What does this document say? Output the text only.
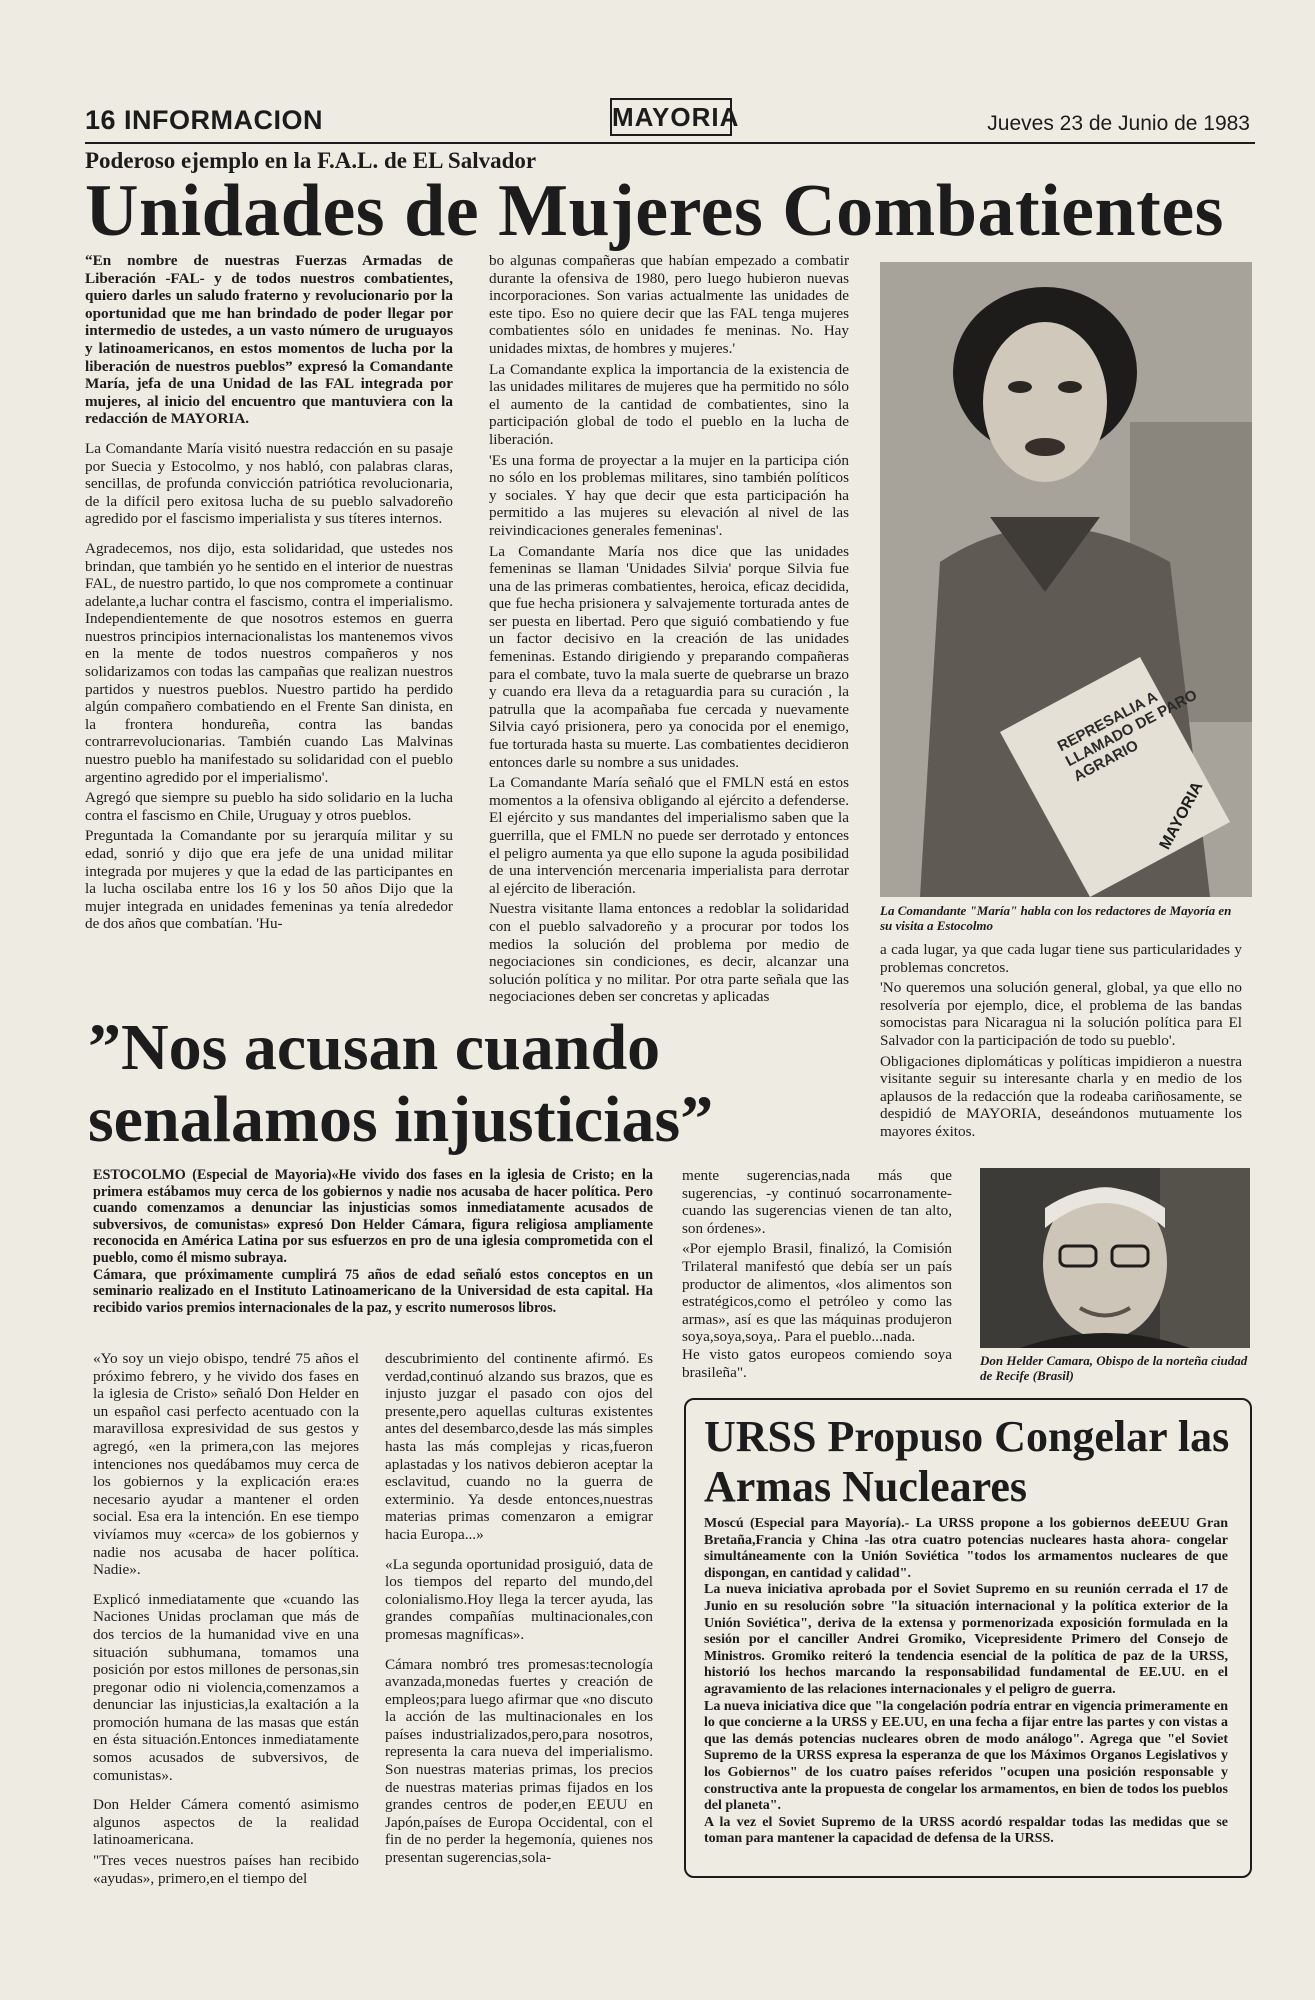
16 INFORMACION	MAYORIA	Jueves 23 de Junio de 1983
Poderoso ejemplo en la F.A.L. de EL Salvador
Unidades de Mujeres Combatientes

“En nombre de nuestras Fuerzas Armadas de Liberación -FAL- y de todos nuestros combatientes, quiero darles un saludo fraterno y revolucionario por la oportunidad que me han brindado de poder llegar por intermedio de ustedes, a un vasto número de uruguayos y latinoamericanos, en estos momentos de lucha por la liberación de nuestros pueblos” expresó la Comandante María, jefa de una Unidad de las FAL integrada por mujeres, al inicio del encuentro que mantuviera con la redacción de MAYORIA.

La Comandante María visitó nuestra redacción en su pasaje por Suecia y Estocolmo, y nos habló, con palabras claras, sencillas, de profunda convicción patriótica revolucionaria, de la difícil pero exitosa lucha de su pueblo salvadoreño agredido por el fascismo imperialista y sus títeres internos.

Agradecemos, nos dijo, esta solidaridad, que ustedes nos brindan, que también yo he sentido en el interior de nuestras FAL, de nuestro partido, lo que nos compromete a continuar adelante,a luchar contra el fascismo, contra el imperialismo. Independientemente de que nosotros estemos en guerra nuestros principios internacionalistas los mantenemos vivos en la mente de todos nuestros compañeros y nos solidarizamos con todas las campañas que realizan nuestros partidos y nuestros pueblos. Nuestro partido ha perdido algún compañero combatiendo en el Frente San dinista, en la frontera hondureña, contra las bandas contrarrevolucionarias. También cuando Las Malvinas nuestro pueblo ha manifestado su solidaridad con el pueblo argentino agredido por el imperialismo'.

Agregó que siempre su pueblo ha sido solidario en la lucha contra el fascismo en Chile, Uruguay y otros pueblos.

Preguntada la Comandante por su jerarquía militar y su edad, sonrió y dijo que era jefe de una unidad militar integrada por mujeres y que la edad de las participantes en la lucha oscilaba entre los 16 y los 50 años Dijo que la mujer integrada en unidades femeninas ya tenía alrededor de dos años que combatían. 'Hu-

bo algunas compañeras que habían empezado a combatir durante la ofensiva de 1980, pero luego hubieron nuevas incorporaciones. Son varias actualmente las unidades de este tipo. Eso no quiere decir que las FAL tenga mujeres combatientes sólo en unidades fe meninas. No. Hay unidades mixtas, de hombres y mujeres.'

La Comandante explica la importancia de la existencia de las unidades militares de mujeres que ha permitido no sólo el aumento de la cantidad de combatientes, sino la participación global de todo el pueblo en la lucha de liberación.

'Es una forma de proyectar a la mujer en la participa ción no sólo en los problemas militares, sino también políticos y sociales. Y hay que decir que esta participación ha permitido a las mujeres su elevación al nivel de las reivindicaciones generales femeninas'.

La Comandante María nos dice que las unidades femeninas se llaman 'Unidades Silvia' porque Silvia fue una de las primeras combatientes, heroica, eficaz decidida, que fue hecha prisionera y salvajemente torturada antes de ser puesta en libertad. Pero que siguió combatiendo y fue un factor decisivo en la creación de las unidades femeninas. Estando dirigiendo y preparando compañeras para el combate, tuvo la mala suerte de quebrarse un brazo y cuando era lleva da a retaguardia para su curación , la patrulla que la acompañaba fue cercada y nuevamente Silvia cayó prisionera, pero ya conocida por el enemigo, fue torturada hasta su muerte. Las combatientes decidieron entonces darle su nombre a sus unidades.

La Comandante María señaló que el FMLN está en estos momentos a la ofensiva obligando al ejército a defenderse. El ejército y sus mandantes del imperialismo saben que la guerrilla, que el FMLN no puede ser derrotado y entonces el peligro aumenta ya que ello supone la aguda posibilidad de una intervención mercenaria imperialista para derrotar al ejército de liberación.

Nuestra visitante llama entonces a redoblar la solidaridad con el pueblo salvadoreño y a procurar por todos los medios la solución del problema por medio de negociaciones sin condiciones, es decir, alcanzar una solución política y no militar. Por otra parte señala que las negociaciones deben ser concretas y aplicadas

REPRESALIA A LLAMADO DE PARO AGRARIO
MAYORIA
La Comandante "María" habla con los redactores de Mayoría en su visita a Estocolmo

a cada lugar, ya que cada lugar tiene sus particularidades y problemas concretos.

'No queremos una solución general, global, ya que ello no resolvería por ejemplo, dice, el problema de las bandas somocistas para Nicaragua ni la solución política para El Salvador con la participación de todo su pueblo'.

Obligaciones diplomáticas y políticas impidieron a nuestra visitante seguir su interesante charla y en medio de los aplausos de la redacción que la rodeaba cariñosamente, se despidió de MAYORIA, deseándonos mutuamente los mayores éxitos.

”Nos acusan cuando senalamos injusticias”

ESTOCOLMO (Especial de Mayoria)«He vivido dos fases en la iglesia de Cristo; en la primera estábamos muy cerca de los gobiernos y nadie nos acusaba de hacer política. Pero cuando comenzamos a denunciar las injusticias somos inmediatamente acusados de subversivos, de comunistas» expresó Don Helder Cámara, figura religiosa ampliamente reconocida en América Latina por sus esfuerzos en pro de una iglesia comprometida con el pueblo, como él mismo subraya.
Cámara, que próximamente cumplirá 75 años de edad señaló estos conceptos en un seminario realizado en el Instituto Latinoamericano de la Universidad de esta capital. Ha recibido varios premios internacionales de la paz, y escrito numerosos libros.

«Yo soy un viejo obispo, tendré 75 años el próximo febrero, y he vivido dos fases en la iglesia de Cristo» señaló Don Helder en un español casi perfecto acentuado con la maravillosa expresividad de sus gestos y agregó, «en la primera,con las mejores intenciones nos quedábamos muy cerca de los gobiernos y la explicación era:es necesario ayudar a mantener el orden social. Esa era la intención. En ese tiempo vivíamos muy «cerca» de los gobiernos y nadie nos acusaba de hacer política. Nadie».

Explicó inmediatamente que «cuando las Naciones Unidas proclaman que más de dos tercios de la humanidad vive en una situación subhumana, tomamos una posición por estos millones de personas,sin pregonar odio ni violencia,comenzamos a denunciar las injusticias,la exaltación a la promoción humana de las masas que están en ésta situación.Entonces inmediatamente somos acusados de subversivos, de comunistas».

Don Helder Cámera comentó asimismo algunos aspectos de la realidad latinoamericana.

"Tres veces nuestros países han recibido «ayudas», primero,en el tiempo del

descubrimiento del continente afirmó. Es verdad,continuó alzando sus brazos, que es injusto juzgar el pasado con ojos del presente,pero aquellas culturas existentes antes del desembarco,desde las más simples hasta las más complejas y ricas,fueron aplastadas y los nativos debieron aceptar la esclavitud, cuando no la guerra de exterminio. Ya desde entonces,nuestras materias primas comenzaron a emigrar hacia Europa...»

«La segunda oportunidad prosiguió, data de los tiempos del reparto del mundo,del colonialismo.Hoy llega la tercer ayuda, las grandes compañías multinacionales,con promesas magníficas».

Cámara nombró tres promesas:tecnología avanzada,monedas fuertes y creación de empleos;para luego afirmar que «no discuto la acción de las multinacionales en los países industrializados,pero,para nosotros, representa la cara nueva del imperialismo. Son nuestras materias primas, los precios de nuestras materias primas fijados en los grandes centros de poder,en EEUU en Japón,países de Europa Occidental, con el fin de no perder la hegemonía, quienes nos presentan sugerencias,sola-

mente sugerencias,nada más que sugerencias, -y continuó socarronamente- cuando las sugerencias vienen de tan alto, son órdenes».

«Por ejemplo Brasil, finalizó, la Comisión Trilateral manifestó que debía ser un país productor de alimentos, «los alimentos son estratégicos,como el petróleo y como las armas», así es que las máquinas produjeron soya,soya,soya,. Para el pueblo...nada.
He visto gatos europeos comiendo soya brasileña".

Don Helder Camara, Obispo de la norteña ciudad de Recife (Brasil)
URSS Propuso Congelar las Armas Nucleares

Moscú (Especial para Mayoría).- La URSS propone a los gobiernos deEEUU Gran Bretaña,Francia y China -las otra cuatro potencias nucleares hasta ahora- congelar simultáneamente con la Unión Soviética "todos los armamentos nucleares de que dispongan, en cantidad y calidad".

La nueva iniciativa aprobada por el Soviet Supremo en su reunión cerrada el 17 de Junio en su resolución sobre "la situación internacional y la política exterior de la Unión Soviética", deriva de la extensa y pormenorizada exposición formulada en la sesión por el canciller Andrei Gromiko, Vicepresidente Primero del Consejo de Ministros. Gromiko reiteró la tendencia esencial de la política de paz de la URSS, historió los hechos marcando la responsabilidad fundamental de EE.UU. en el agravamiento de las relaciones internacionales y el peligro de guerra.

La nueva iniciativa dice que "la congelación podría entrar en vigencia primeramente en lo que concierne a la URSS y EE.UU, en una fecha a fijar entre las partes y con vistas a que las demás potencias nucleares obren de modo análogo". Agrega que "el Soviet Supremo de la URSS expresa la esperanza de que los Máximos Organos Legislativos y los Gobiernos" de los cuatro países referidos "ocupen una posición responsable y constructiva ante la propuesta de congelar los armamentos, en bien de todos los pueblos del planeta".

A la vez el Soviet Supremo de la URSS acordó respaldar todas las medidas que se toman para mantener la capacidad de defensa de la URSS.
